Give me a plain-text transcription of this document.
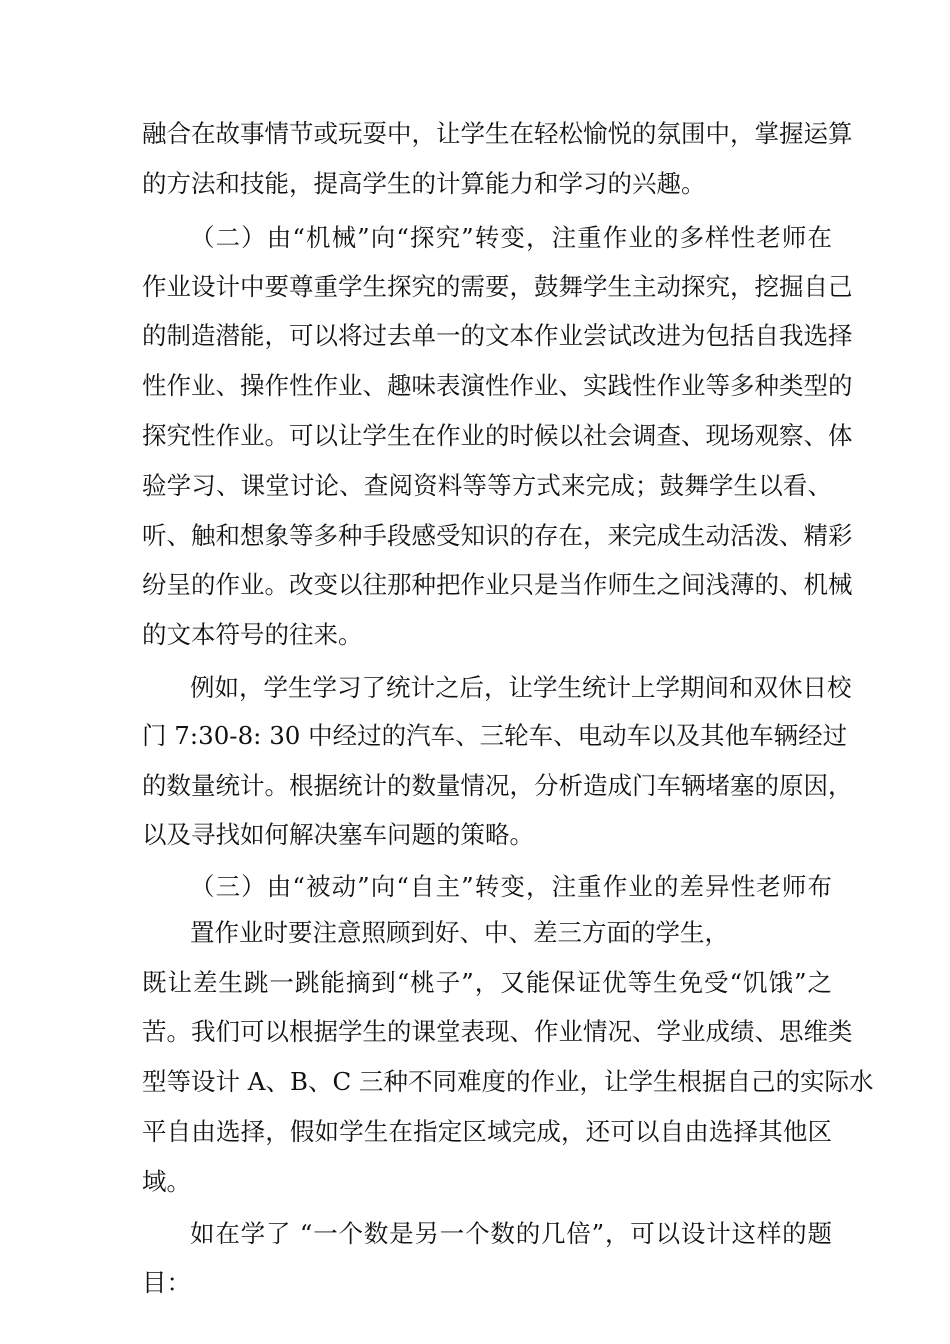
融合在故事情节或玩耍中，让学生在轻松愉悦的氛围中，掌握运算
的方法和技能，提高学生的计算能力和学习的兴趣。
（二）由“机械”向“探究”转变，注重作业的多样性老师在
作业设计中要尊重学生探究的需要，鼓舞学生主动探究，挖掘自己
的制造潜能，可以将过去单一的文本作业尝试改进为包括自我选择
性作业、操作性作业、趣味表演性作业、实践性作业等多种类型的
探究性作业。可以让学生在作业的时候以社会调查、现场观察、体
验学习、课堂讨论、查阅资料等等方式来完成；鼓舞学生以看、
听、触和想象等多种手段感受知识的存在，来完成生动活泼、精彩
纷呈的作业。改变以往那种把作业只是当作师生之间浅薄的、机械
的文本符号的往来。
例如，学生学习了统计之后，让学生统计上学期间和双休日校
门 7:30-8: 30 中经过的汽车、三轮车、电动车以及其他车辆经过
的数量统计。根据统计的数量情况，分析造成门车辆堵塞的原因，
以及寻找如何解决塞车问题的策略。
（三）由“被动”向“自主”转变，注重作业的差异性老师布
置作业时要注意照顾到好、中、差三方面的学生，
既让差生跳一跳能摘到“桃子”，又能保证优等生免受“饥饿”之
苦。我们可以根据学生的课堂表现、作业情况、学业成绩、思维类
型等设计 A、B、C 三种不同难度的作业，让学生根据自己的实际水
平自由选择，假如学生在指定区域完成，还可以自由选择其他区
域。
如在学了 “一个数是另一个数的几倍”，可以设计这样的题
目：
